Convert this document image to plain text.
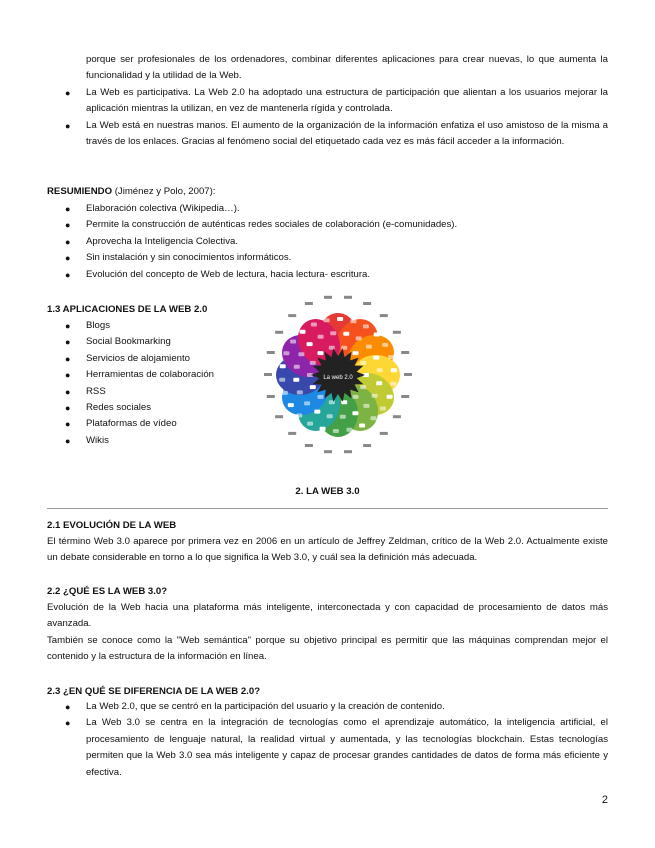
porque ser profesionales de los ordenadores, combinar diferentes aplicaciones para crear nuevas, lo que aumenta la funcionalidad y la utilidad de la Web.
●	La Web es participativa. La Web 2.0 ha adoptado una estructura de participación que alientan a los usuarios mejorar la aplicación mientras la utilizan, en vez de mantenerla rígida y controlada.
●	La Web está en nuestras manos. El aumento de la organización de la información enfatiza el uso amistoso de la misma a través de los enlaces. Gracias al fenómeno social del etiquetado cada vez es más fácil acceder a la información.
RESUMIENDO (Jiménez y Polo, 2007):
●	Elaboración colectiva (Wikipedia…).
●	Permite la construcción de auténticas redes sociales de colaboración (e-comunidades).
●	Aprovecha la Inteligencia Colectiva.
●	Sin instalación y sin conocimientos informáticos.
●	Evolución del concepto de Web de lectura, hacia lectura- escritura.
1.3 APLICACIONES DE LA WEB 2.0
●	Blogs
●	Social Bookmarking
●	Servicios de alojamiento
●	Herramientas de colaboración
●	RSS
●	Redes sociales
●	Plataformas de vídeo
●	Wikis
La web 2.0
2. LA WEB 3.0
2.1 EVOLUCIÓN DE LA WEB
El término Web 3.0 aparece por primera vez en 2006 en un artículo de Jeffrey Zeldman, crítico de la Web 2.0. Actualmente existe un debate considerable en torno a lo que significa la Web 3.0, y cuál sea la definición más adecuada.
2.2 ¿QUÉ ES LA WEB 3.0?
Evolución de la Web hacia una plataforma más inteligente, interconectada y con capacidad de procesamiento de datos más avanzada.
También se conoce como la "Web semántica" porque su objetivo principal es permitir que las máquinas comprendan mejor el contenido y la estructura de la información en línea.
2.3 ¿EN QUÉ SE DIFERENCIA DE LA WEB 2.0?
●	La Web 2.0, que se centró en la participación del usuario y la creación de contenido.
●	La Web 3.0 se centra en la integración de tecnologías como el aprendizaje automático, la inteligencia artificial, el procesamiento de lenguaje natural, la realidad virtual y aumentada, y las tecnologías blockchain. Estas tecnologías permiten que la Web 3.0 sea más inteligente y capaz de procesar grandes cantidades de datos de forma más eficiente y efectiva.
2
